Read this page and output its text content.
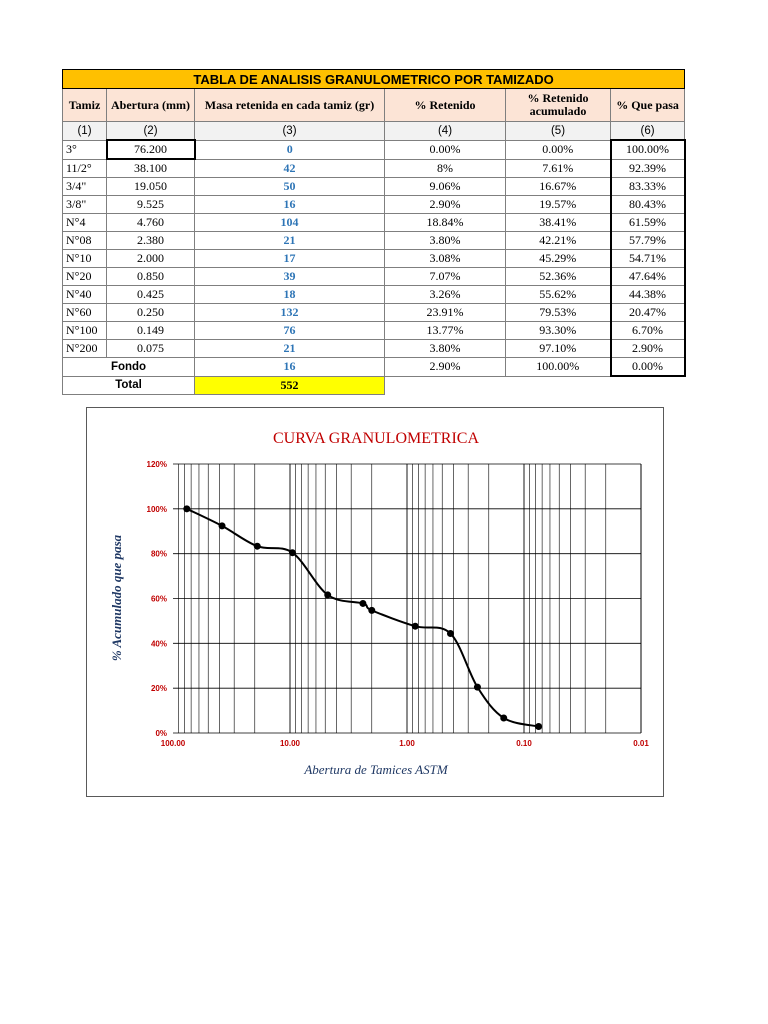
TABLA DE ANALISIS GRANULOMETRICO POR TAMIZADO					
Tamiz	Abertura (mm)	Masa retenida en cada tamiz (gr)	% Retenido	% Retenido acumulado	% Que pasa
(1)	(2)	(3)	(4)	(5)	(6)
3°	76.200	0	0.00%	0.00%	100.00%
11/2°	38.100	42	8%	7.61%	92.39%
3/4"	19.050	50	9.06%	16.67%	83.33%
3/8"	9.525	16	2.90%	19.57%	80.43%
N°4	4.760	104	18.84%	38.41%	61.59%
N°08	2.380	21	3.80%	42.21%	57.79%
N°10	2.000	17	3.08%	45.29%	54.71%
N°20	0.850	39	7.07%	52.36%	47.64%
N°40	0.425	18	3.26%	55.62%	44.38%
N°60	0.250	132	23.91%	79.53%	20.47%
N°100	0.149	76	13.77%	93.30%	6.70%
N°200	0.075	21	3.80%	97.10%	2.90%
Fondo		16	2.90%	100.00%	0.00%
Total		552			
CURVA GRANULOMETRICA
0%
20%
40%
60%
80%
100%
120%
100.00	10.00	1.00	0.10	0.01
Abertura de Tamices ASTM
% Acumulado que pasa
